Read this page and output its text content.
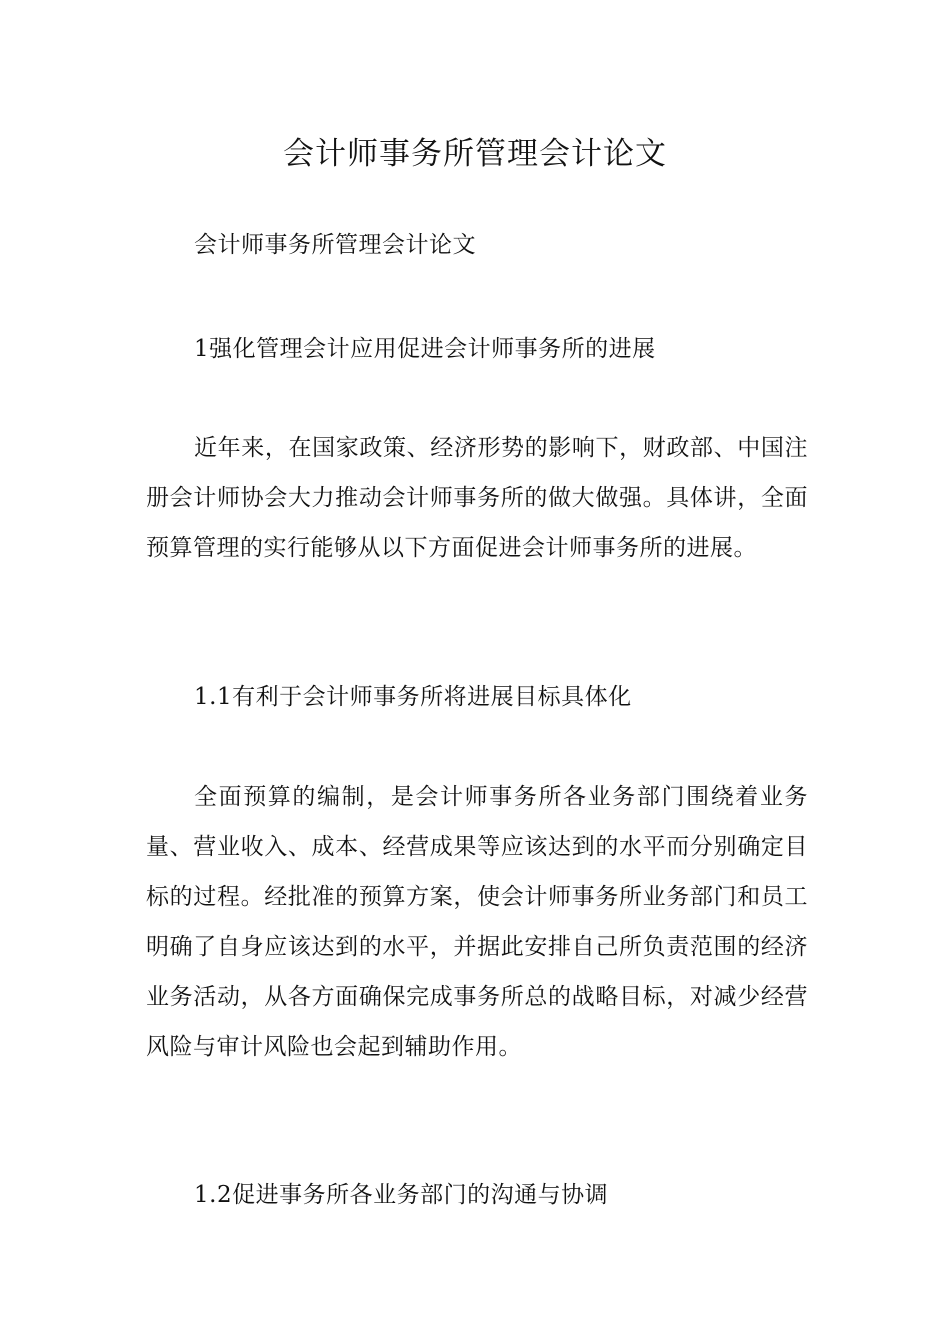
会计师事务所管理会计论文
会计师事务所管理会计论文
1强化管理会计应用促进会计师事务所的进展
近年来，在国家政策、经济形势的影响下，财政部、中国注册会计师协会大力推动会计师事务所的做大做强。具体讲，全面预算管理的实行能够从以下方面促进会计师事务所的进展。
1.1有利于会计师事务所将进展目标具体化
全面预算的编制，是会计师事务所各业务部门围绕着业务量、营业收入、成本、经营成果等应该达到的水平而分别确定目标的过程。经批准的预算方案，使会计师事务所业务部门和员工明确了自身应该达到的水平，并据此安排自己所负责范围的经济业务活动，从各方面确保完成事务所总的战略目标，对减少经营风险与审计风险也会起到辅助作用。
1.2促进事务所各业务部门的沟通与协调
